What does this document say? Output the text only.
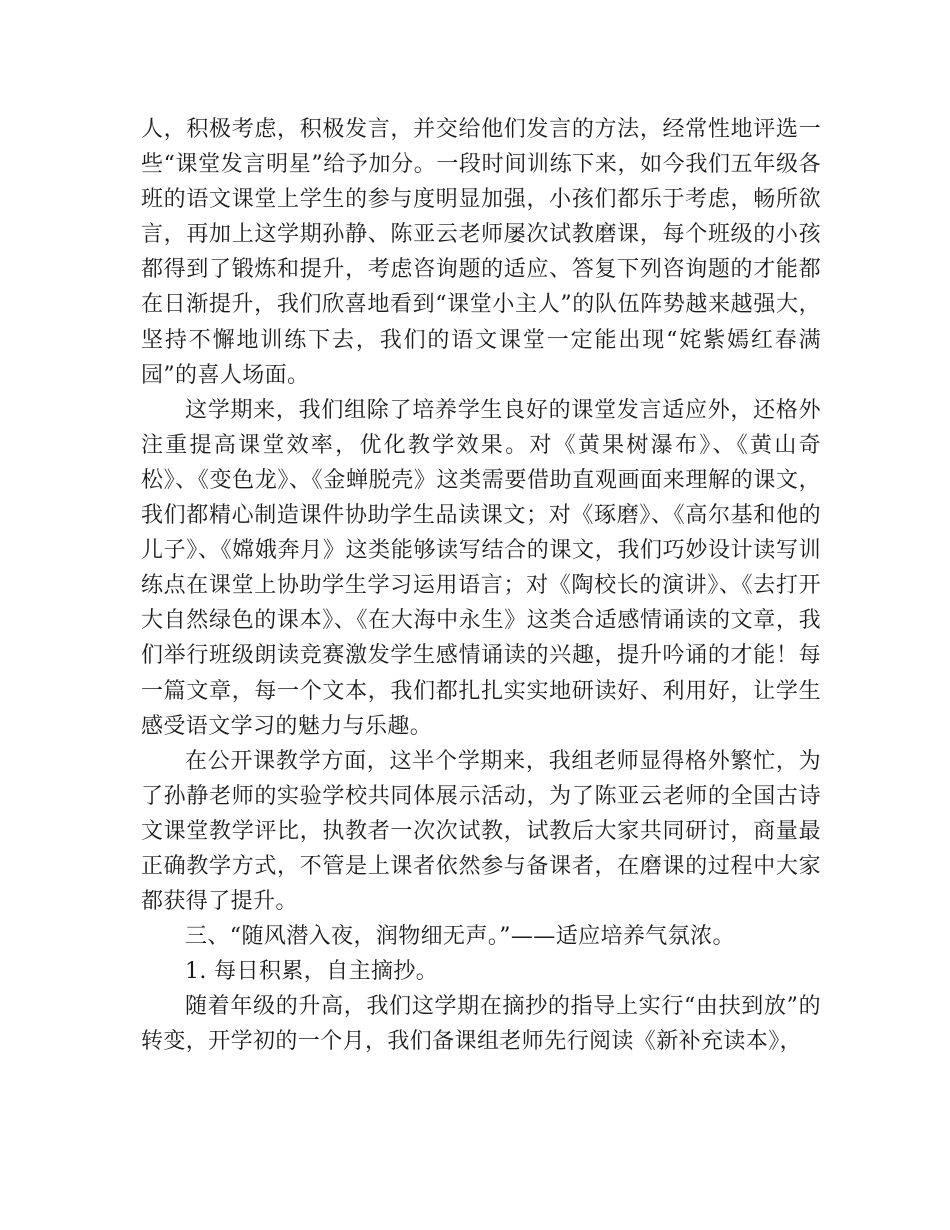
人，积极考虑，积极发言，并交给他们发言的方法，经常性地评选一些“课堂发言明星”给予加分。一段时间训练下来，如今我们五年级各班的语文课堂上学生的参与度明显加强，小孩们都乐于考虑，畅所欲言，再加上这学期孙静、陈亚云老师屡次试教磨课，每个班级的小孩都得到了锻炼和提升，考虑咨询题的适应、答复下列咨询题的才能都在日渐提升，我们欣喜地看到“课堂小主人”的队伍阵势越来越强大，坚持不懈地训练下去，我们的语文课堂一定能出现“姹紫嫣红春满园”的喜人场面。

这学期来，我们组除了培养学生良好的课堂发言适应外，还格外注重提高课堂效率，优化教学效果。对《黄果树瀑布》、《黄山奇松》、《变色龙》、《金蝉脱壳》这类需要借助直观画面来理解的课文，我们都精心制造课件协助学生品读课文；对《琢磨》、《高尔基和他的儿子》、《嫦娥奔月》这类能够读写结合的课文，我们巧妙设计读写训练点在课堂上协助学生学习运用语言；对《陶校长的演讲》、《去打开大自然绿色的课本》、《在大海中永生》这类合适感情诵读的文章，我们举行班级朗读竞赛激发学生感情诵读的兴趣，提升吟诵的才能！每一篇文章，每一个文本，我们都扎扎实实地研读好、利用好，让学生感受语文学习的魅力与乐趣。

在公开课教学方面，这半个学期来，我组老师显得格外繁忙，为了孙静老师的实验学校共同体展示活动，为了陈亚云老师的全国古诗文课堂教学评比，执教者一次次试教，试教后大家共同研讨，商量最正确教学方式，不管是上课者依然参与备课者，在磨课的过程中大家都获得了提升。

三、“随风潜入夜，润物细无声。”——适应培养气氛浓。

1. 每日积累，自主摘抄。

随着年级的升高，我们这学期在摘抄的指导上实行“由扶到放”的转变，开学初的一个月，我们备课组老师先行阅读《新补充读本》，
